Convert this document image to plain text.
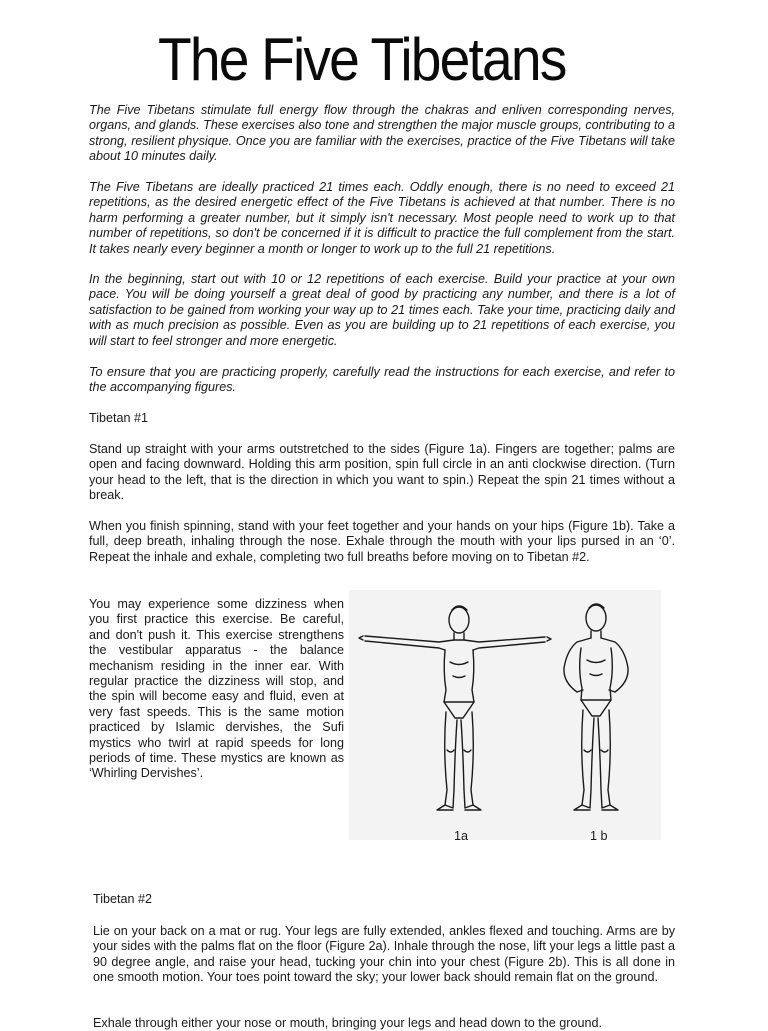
The Five Tibetans

The Five Tibetans stimulate full energy flow through the chakras and enliven corresponding nerves, organs, and glands. These exercises also tone and strengthen the major muscle groups, contributing to a strong, resilient physique. Once you are familiar with the exercises, practice of the Five Tibetans will take about 10 minutes daily.

The Five Tibetans are ideally practiced 21 times each. Oddly enough, there is no need to exceed 21 repetitions, as the desired energetic effect of the Five Tibetans is achieved at that number. There is no harm performing a greater number, but it simply isn't necessary. Most people need to work up to that number of repetitions, so don't be concerned if it is difficult to practice the full complement from the start. It takes nearly every beginner a month or longer to work up to the full 21 repetitions.

In the beginning, start out with 10 or 12 repetitions of each exercise. Build your practice at your own pace. You will be doing yourself a great deal of good by practicing any number, and there is a lot of satisfaction to be gained from working your way up to 21 times each. Take your time, practicing daily and with as much precision as possible. Even as you are building up to 21 repetitions of each exercise, you will start to feel stronger and more energetic.

To ensure that you are practicing properly, carefully read the instructions for each exercise, and refer to the accompanying figures.

Tibetan #1

Stand up straight with your arms outstretched to the sides (Figure 1a). Fingers are together; palms are open and facing downward. Holding this arm position, spin full circle in an anti clockwise direction. (Turn your head to the left, that is the direction in which you want to spin.) Repeat the spin 21 times without a break.

When you finish spinning, stand with your feet together and your hands on your hips (Figure 1b). Take a full, deep breath, inhaling through the nose. Exhale through the mouth with your lips pursed in an ‘0’. Repeat the inhale and exhale, completing two full breaths before moving on to Tibetan #2.

You may experience some dizziness when you first practice this exercise. Be careful, and don't push it. This exercise strengthens the vestibular apparatus - the balance mechanism residing in the inner ear. With regular practice the dizziness will stop, and the spin will become easy and fluid, even at very fast speeds. This is the same motion practiced by Islamic dervishes, the Sufi mystics who twirl at rapid speeds for long periods of time. These mystics are known as ‘Whirling Dervishes’.

1a	1 b

Tibetan #2

Lie on your back on a mat or rug. Your legs are fully extended, ankles flexed and touching. Arms are by your sides with the palms flat on the floor (Figure 2a). Inhale through the nose, lift your legs a little past a 90 degree angle, and raise your head, tucking your chin into your chest (Figure 2b). This is all done in one smooth motion. Your toes point toward the sky; your lower back should remain flat on the ground.

Exhale through either your nose or mouth, bringing your legs and head down to the ground.
